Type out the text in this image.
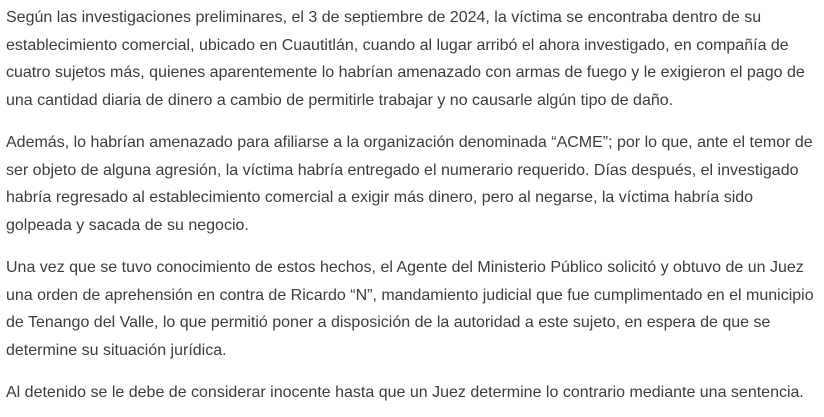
Según las investigaciones preliminares, el 3 de septiembre de 2024, la víctima se encontraba dentro de su
establecimiento comercial, ubicado en Cuautitlán, cuando al lugar arribó el ahora investigado, en compañía de
cuatro sujetos más, quienes aparentemente lo habrían amenazado con armas de fuego y le exigieron el pago de
una cantidad diaria de dinero a cambio de permitirle trabajar y no causarle algún tipo de daño.

Además, lo habrían amenazado para afiliarse a la organización denominada “ACME”; por lo que, ante el temor de
ser objeto de alguna agresión, la víctima habría entregado el numerario requerido. Días después, el investigado
habría regresado al establecimiento comercial a exigir más dinero, pero al negarse, la víctima habría sido
golpeada y sacada de su negocio.

Una vez que se tuvo conocimiento de estos hechos, el Agente del Ministerio Público solicitó y obtuvo de un Juez
una orden de aprehensión en contra de Ricardo “N”, mandamiento judicial que fue cumplimentado en el municipio
de Tenango del Valle, lo que permitió poner a disposición de la autoridad a este sujeto, en espera de que se
determine su situación jurídica.

Al detenido se le debe de considerar inocente hasta que un Juez determine lo contrario mediante una sentencia.
